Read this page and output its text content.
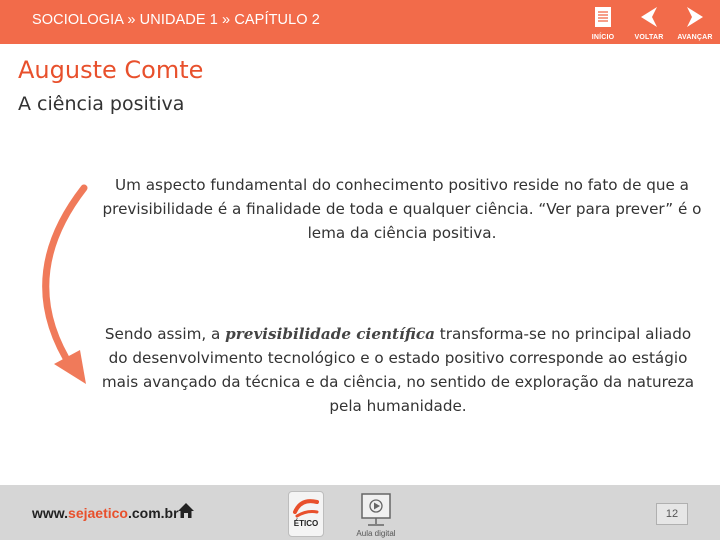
SOCIOLOGIA » UNIDADE 1 » CAPÍTULO 2
INÍCIO	VOLTAR	AVANÇAR
Auguste Comte
A ciência positiva

Um aspecto fundamental do conhecimento positivo reside no fato de que a previsibilidade é a finalidade de toda e qualquer ciência. “Ver para prever” é o lema da ciência positiva.

Sendo assim, a previsibilidade científica transforma-se no principal aliado do desenvolvimento tecnológico e o estado positivo corresponde ao estágio mais avançado da técnica e da ciência, no sentido de exploração da natureza pela humanidade.

www.sejaetico.com.br
ÉTICO
Aula digital
12
